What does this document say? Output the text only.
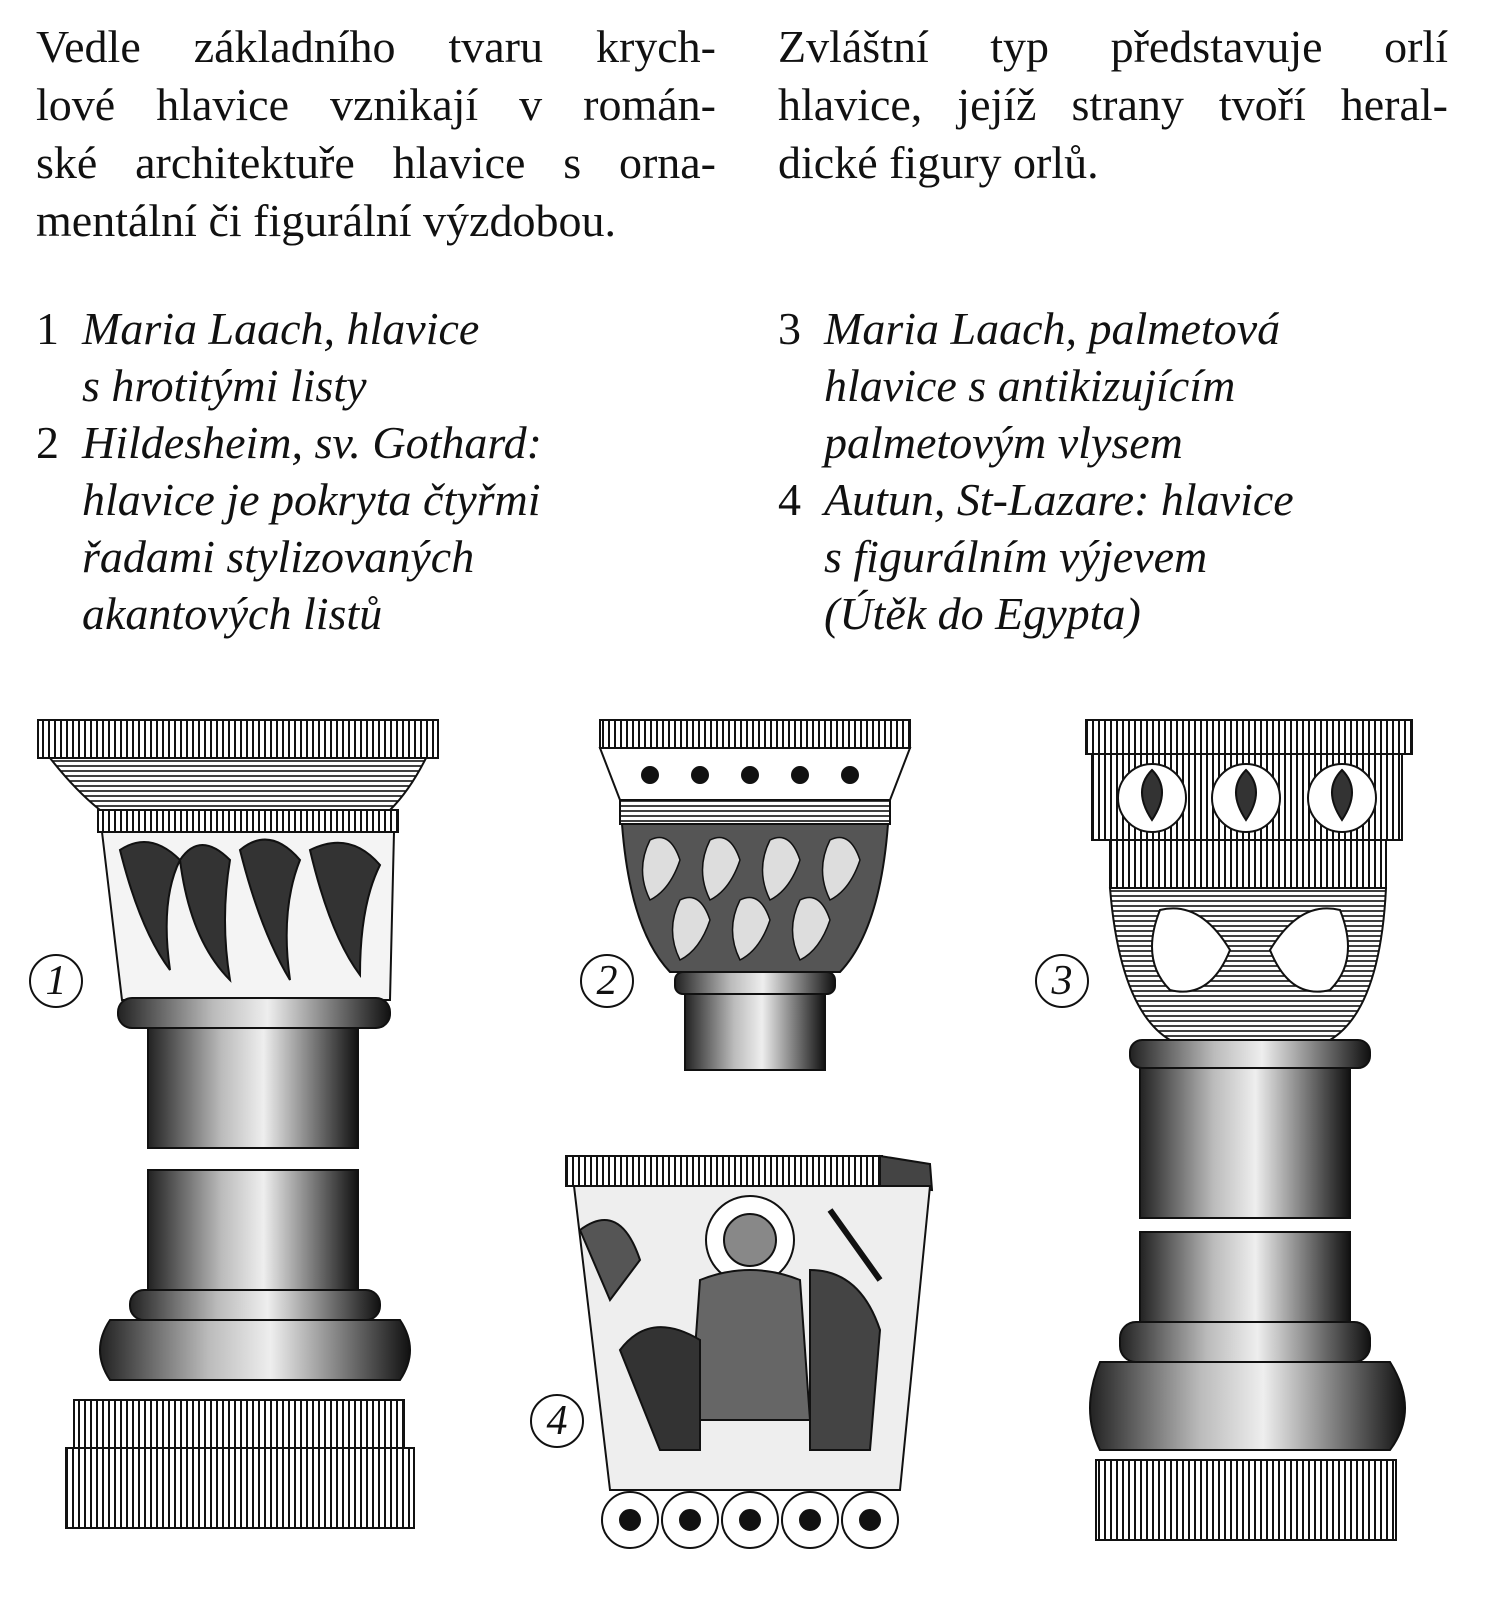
Vedle základního tvaru krych-
lové hlavice vznikají v román-
ské architektuře hlavice s orna-
mentální či figurální výzdobou.

Zvláštní typ představuje orlí
hlavice, jejíž strany tvoří heral-
dické figury orlů.

1 Maria Laach, hlavice
s hrotitými listy
2 Hildesheim, sv. Gothard:
hlavice je pokryta čtyřmi
řadami stylizovaných
akantových listů
3 Maria Laach, palmetová
hlavice s antikizujícím
palmetovým vlysem
4 Autun, St-Lazare: hlavice
s figurálním výjevem
(Útěk do Egypta)
1	2	3
4
